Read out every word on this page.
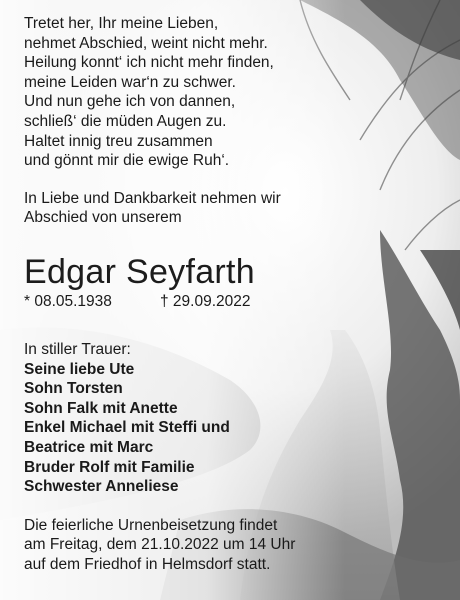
Tretet her, Ihr meine Lieben,
nehmet Abschied, weint nicht mehr.
Heilung konnt‘ ich nicht mehr finden,
meine Leiden war‘n zu schwer.
Und nun gehe ich von dannen,
schließ‘ die müden Augen zu.
Haltet innig treu zusammen
und gönnt mir die ewige Ruh‘.

In Liebe und Dankbarkeit nehmen wir
Abschied von unserem

Edgar Seyfarth
* 08.05.1938	† 29.09.2022

In stiller Trauer:

Seine liebe Ute

Sohn Torsten

Sohn Falk mit Anette

Enkel Michael mit Steffi und

Beatrice mit Marc

Bruder Rolf mit Familie

Schwester Anneliese

Die feierliche Urnenbeisetzung findet
am Freitag, dem 21.10.2022 um 14 Uhr
auf dem Friedhof in Helmsdorf statt.
